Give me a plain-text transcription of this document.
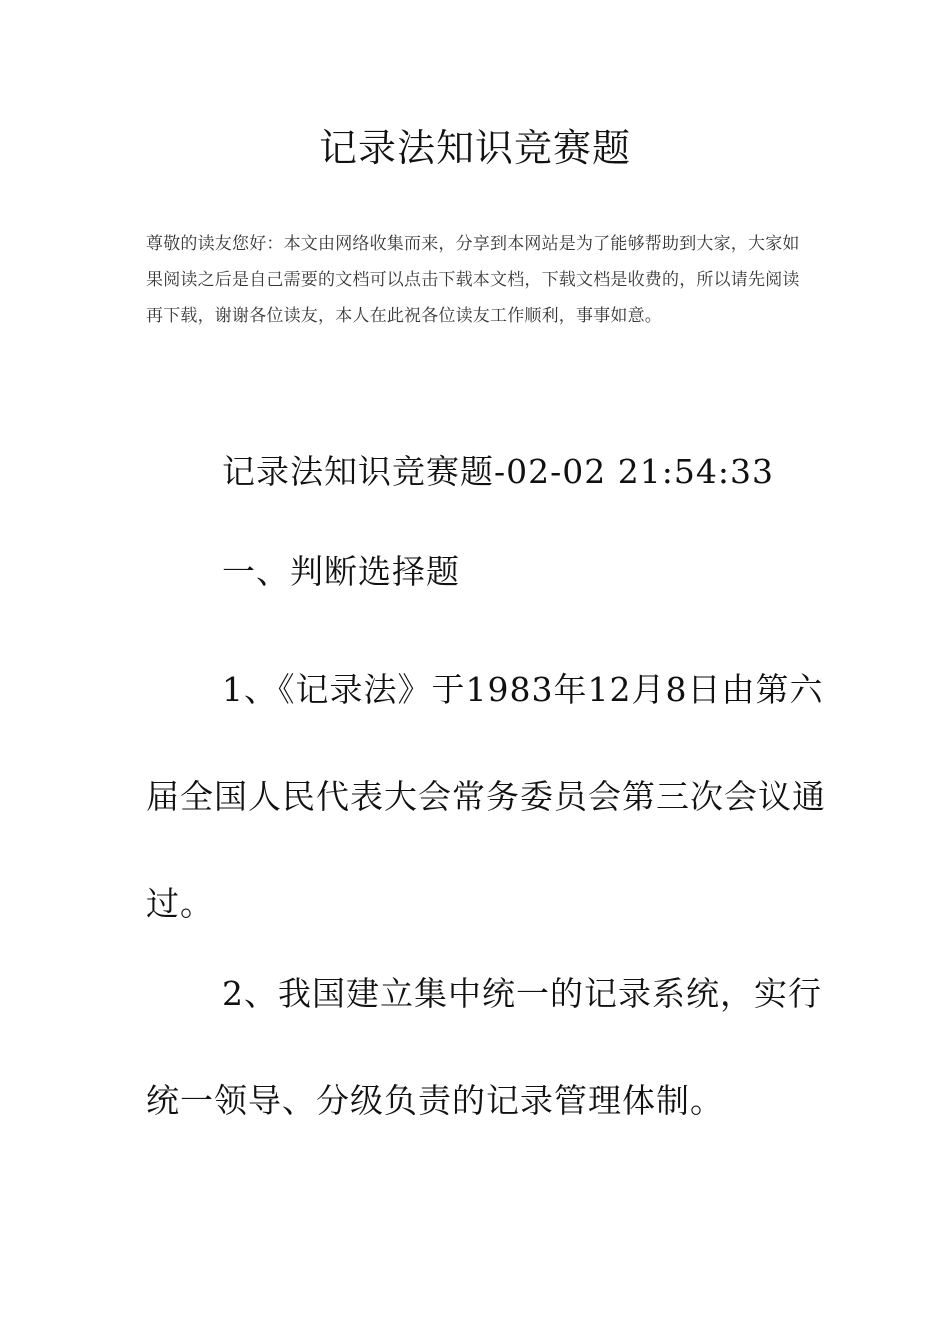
记录法知识竞赛题
尊敬的读友您好：本文由网络收集而来，分享到本网站是为了能够帮助到大家，大家如果阅读之后是自己需要的文档可以点击下载本文档，下载文档是收费的，所以请先阅读再下载，谢谢各位读友，本人在此祝各位读友工作顺利，事事如意。
记录法知识竞赛题-02-02 21:54:33
一、判断选择题
1、《记录法》于1983年12月8日由第六届全国人民代表大会常务委员会第三次会议通过。
2、我国建立集中统一的记录系统，实行统一领导、分级负责的记录管理体制。
